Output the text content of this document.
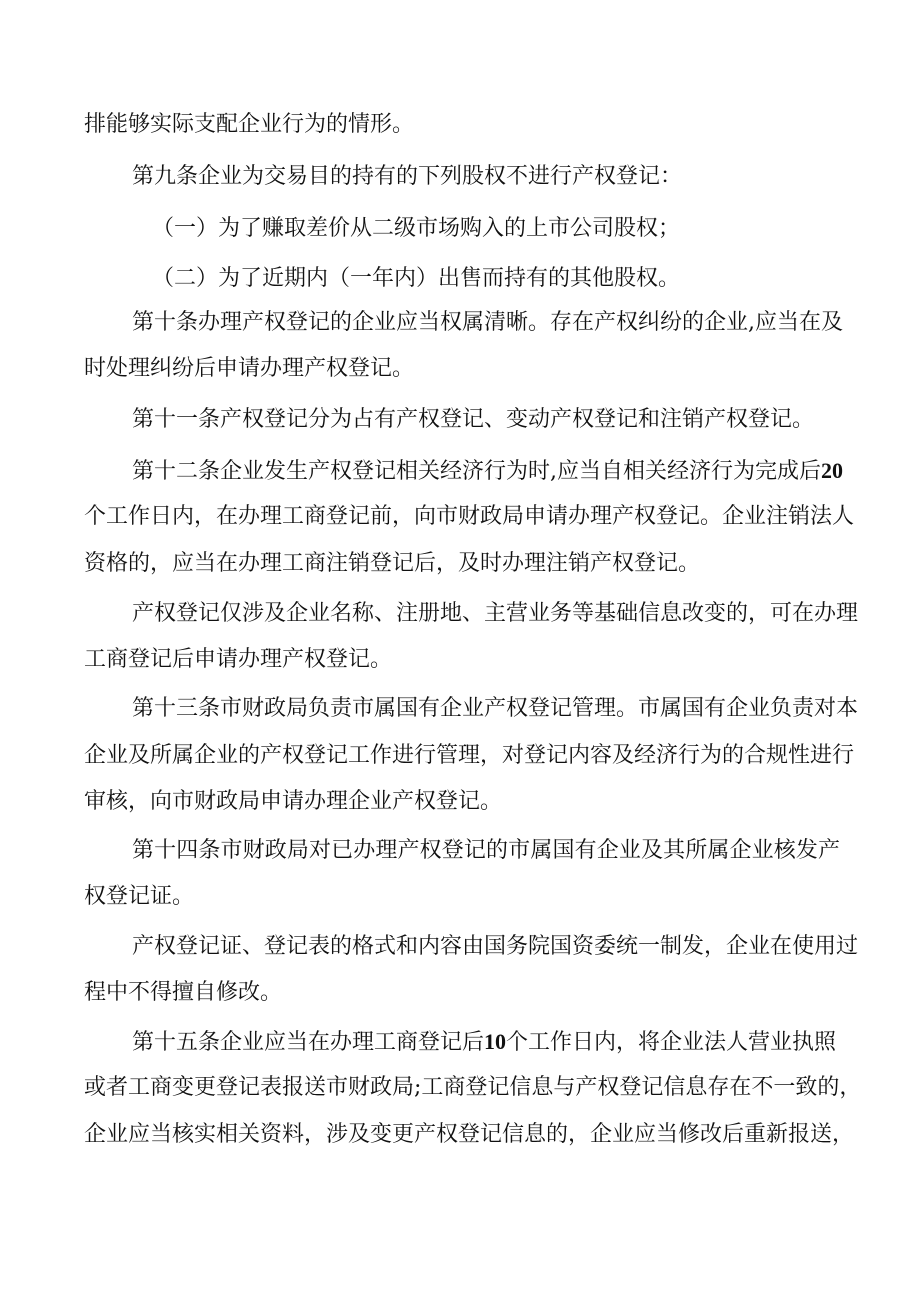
排能够实际支配企业行为的情形。
第九条企业为交易目的持有的下列股权不进行产权登记：
（一）为了赚取差价从二级市场购入的上市公司股权；
（二）为了近期内（一年内）出售而持有的其他股权。
第十条办理产权登记的企业应当权属清晰。存在产权纠纷的企业,应当在及
时处理纠纷后申请办理产权登记。
第十一条产权登记分为占有产权登记、变动产权登记和注销产权登记。
第十二条企业发生产权登记相关经济行为时,应当自相关经济行为完成后20
个工作日内，在办理工商登记前，向市财政局申请办理产权登记。企业注销法人
资格的，应当在办理工商注销登记后，及时办理注销产权登记。
产权登记仅涉及企业名称、注册地、主营业务等基础信息改变的，可在办理
工商登记后申请办理产权登记。
第十三条市财政局负责市属国有企业产权登记管理。市属国有企业负责对本
企业及所属企业的产权登记工作进行管理，对登记内容及经济行为的合规性进行
审核，向市财政局申请办理企业产权登记。
第十四条市财政局对已办理产权登记的市属国有企业及其所属企业核发产
权登记证。
产权登记证、登记表的格式和内容由国务院国资委统一制发，企业在使用过
程中不得擅自修改。
第十五条企业应当在办理工商登记后10个工作日内，将企业法人营业执照
或者工商变更登记表报送市财政局;工商登记信息与产权登记信息存在不一致的，
企业应当核实相关资料，涉及变更产权登记信息的，企业应当修改后重新报送，
